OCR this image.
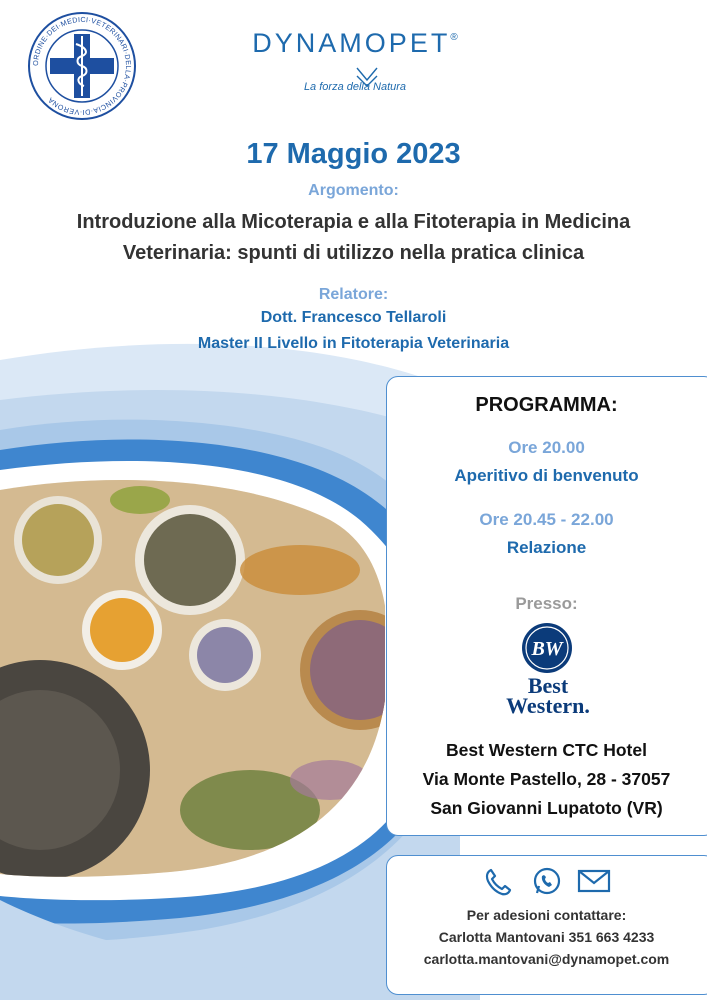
ORDINE·DEI·MEDICI·VETERINARI·DELLA·PROVINCIA·DI·VERONA
DYNAMOPET®
La forza della Natura
17 Maggio 2023
Argomento:
Introduzione alla Micoterapia e alla Fitoterapia in Medicina
Veterinaria: spunti di utilizzo nella pratica clinica
Relatore:
Dott. Francesco Tellaroli
Master II Livello in Fitoterapia Veterinaria
PROGRAMMA:
Ore 20.00
Aperitivo di benvenuto
Ore 20.45 - 22.00
Relazione
Presso:
BW
Best
Western.
Best Western CTC Hotel
Via Monte Pastello, 28 - 37057
San Giovanni Lupatoto (VR)
Per adesioni contattare:
Carlotta Mantovani 351 663 4233
carlotta.mantovani@dynamopet.com
